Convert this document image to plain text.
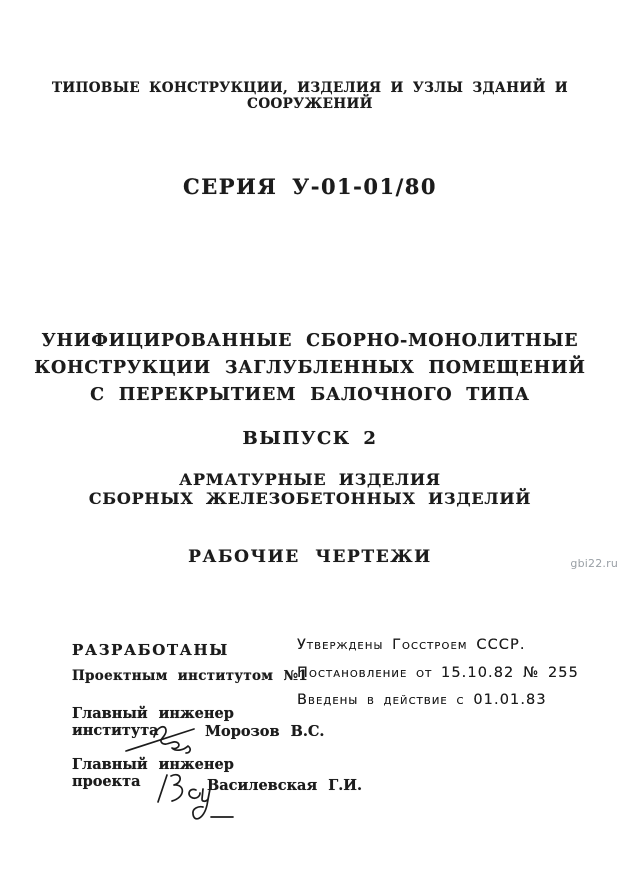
ТИПОВЫЕ КОНСТРУКЦИИ, ИЗДЕЛИЯ И УЗЛЫ ЗДАНИЙ И СООРУЖЕНИЙ
СЕРИЯ У-01-01/80
УНИФИЦИРОВАННЫЕ СБОРНО-МОНОЛИТНЫЕ
КОНСТРУКЦИИ ЗАГЛУБЛЕННЫХ ПОМЕЩЕНИЙ
С ПЕРЕКРЫТИЕМ БАЛОЧНОГО ТИПА
ВЫПУСК 2
АРМАТУРНЫЕ ИЗДЕЛИЯ
СБОРНЫХ ЖЕЛЕЗОБЕТОННЫХ ИЗДЕЛИЙ
РАБОЧИЕ ЧЕРТЕЖИ	gbi22.ru
РАЗРАБОТАНЫ
Проектным институтом №1
Утверждены Госстроем СССР.
Постановление от 15.10.82 № 255
Введены в действие с 01.01.83
Главный инженер
института	Морозов В.С.
Главный инженер
проекта	Василевская Г.И.
